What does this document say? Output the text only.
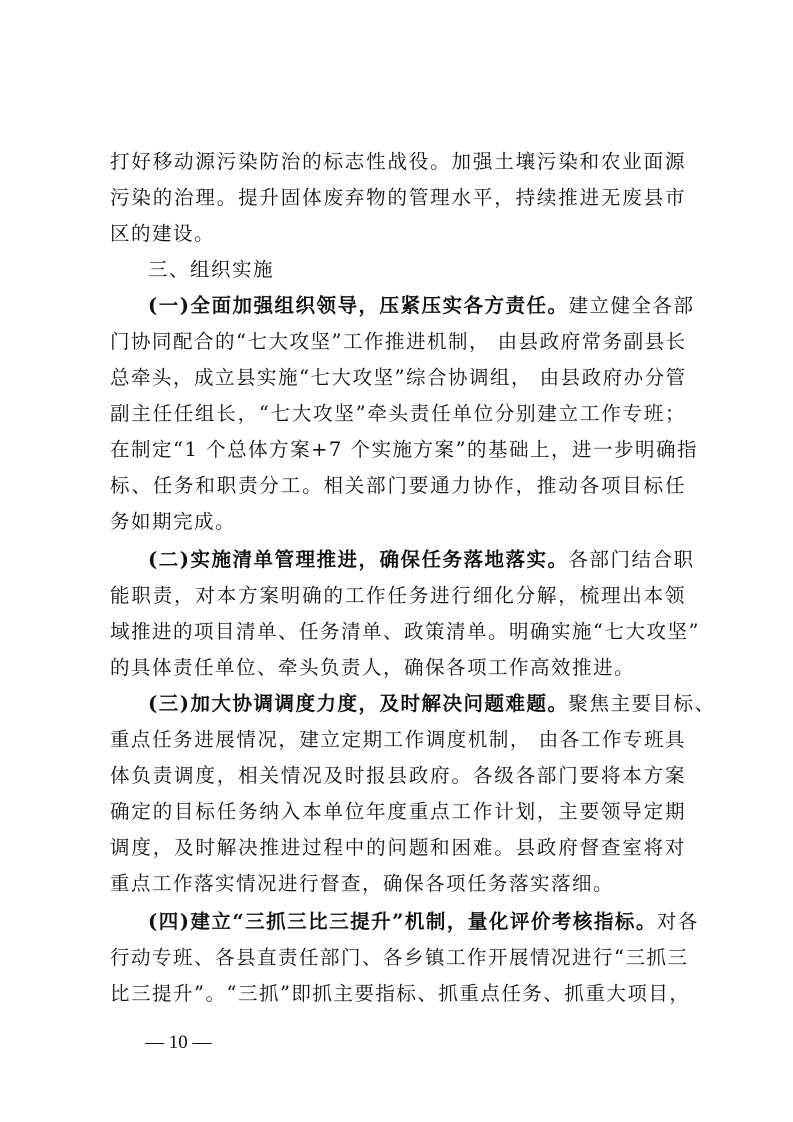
打好移动源污染防治的标志性战役。加强土壤污染和农业面源
污染的治理。提升固体废弃物的管理水平，持续推进无废县市
区的建设。
三、组织实施
(一)全面加强组织领导，压紧压实各方责任。建立健全各部
门协同配合的“七大攻坚”工作推进机制， 由县政府常务副县长
总牵头，成立县实施“七大攻坚”综合协调组， 由县政府办分管
副主任任组长，“七大攻坚”牵头责任单位分别建立工作专班；
在制定“1 个总体方案+7 个实施方案”的基础上，进一步明确指
标、任务和职责分工。相关部门要通力协作，推动各项目标任
务如期完成。
(二)实施清单管理推进，确保任务落地落实。各部门结合职
能职责，对本方案明确的工作任务进行细化分解，梳理出本领
域推进的项目清单、任务清单、政策清单。明确实施“七大攻坚”
的具体责任单位、牵头负责人，确保各项工作高效推进。
(三)加大协调调度力度，及时解决问题难题。聚焦主要目标、
重点任务进展情况，建立定期工作调度机制， 由各工作专班具
体负责调度，相关情况及时报县政府。各级各部门要将本方案
确定的目标任务纳入本单位年度重点工作计划，主要领导定期
调度，及时解决推进过程中的问题和困难。县政府督查室将对
重点工作落实情况进行督查，确保各项任务落实落细。
(四)建立“三抓三比三提升”机制，量化评价考核指标。对各
行动专班、各县直责任部门、各乡镇工作开展情况进行“三抓三
比三提升”。“三抓”即抓主要指标、抓重点任务、抓重大项目，
— 10 —
